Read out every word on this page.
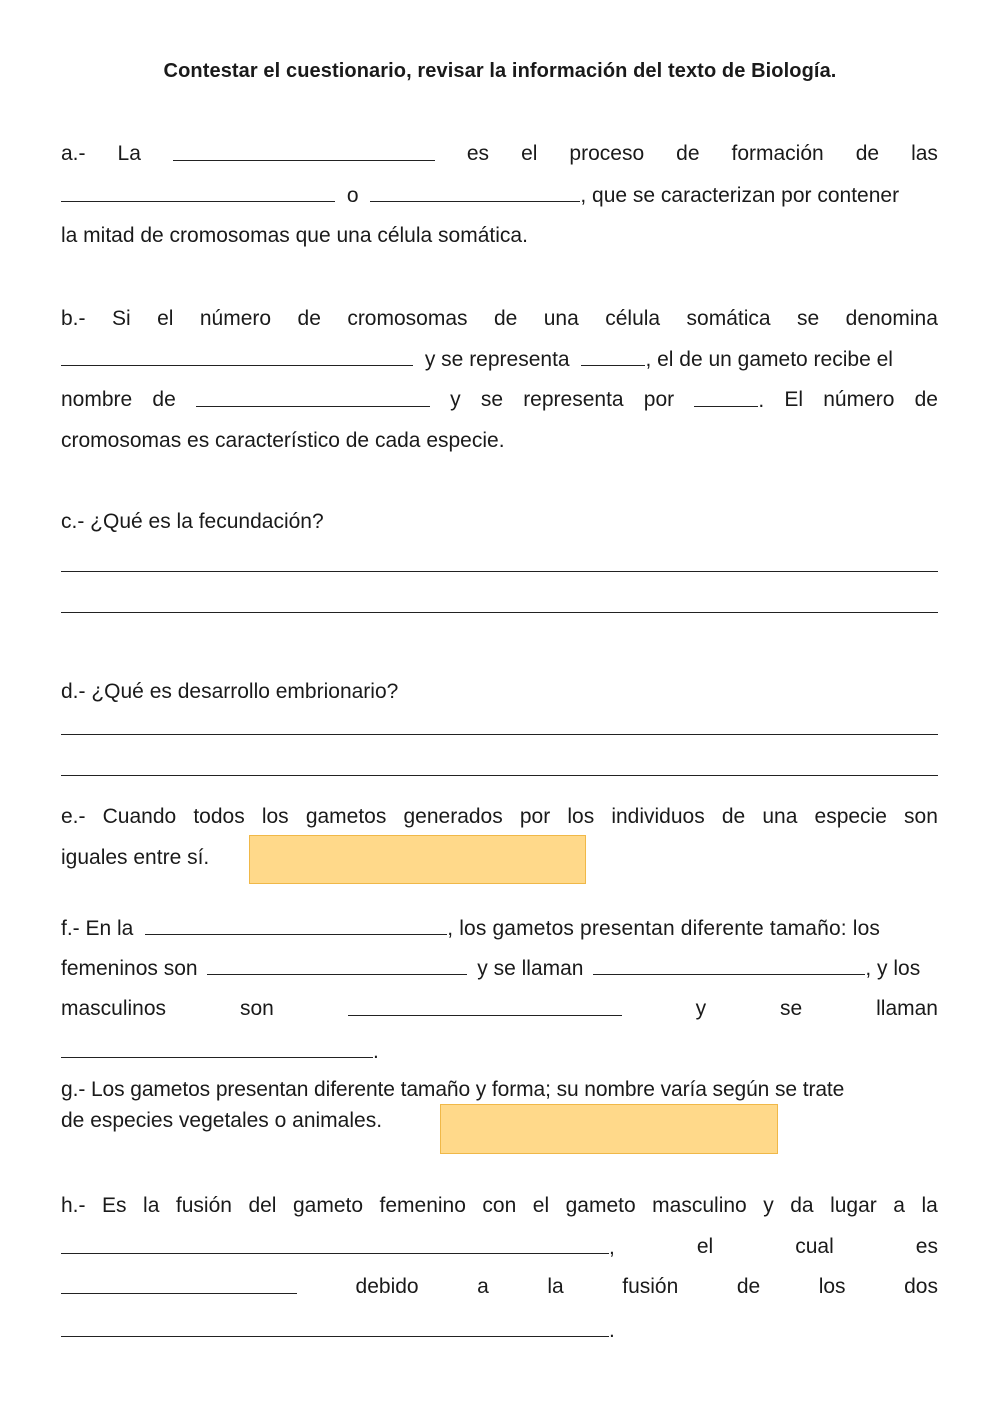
Contestar el cuestionario, revisar la información del texto de Biología.
a.- La	es el proceso de formación de las
o	, que se caracterizan por contener
la mitad de cromosomas que una célula somática.
b.- Si el número de cromosomas de una célula somática se denomina
y se representa	, el de un gameto recibe el
nombre de	y se representa por	. El número de
cromosomas es característico de cada especie.
c.- ¿Qué es la fecundación?
d.- ¿Qué es desarrollo embrionario?
e.- Cuando todos los gametos generados por los individuos de una especie son
iguales entre sí.
f.- En la	, los gametos presentan diferente tamaño: los
femeninos son	y se llaman	, y los
masculinos	son	y	se	llaman
.
g.- Los gametos presentan diferente tamaño y forma; su nombre varía según se trate
de especies vegetales o animales.
h.- Es la fusión del gameto femenino con el gameto masculino y da lugar a la
,	el	cual	es
debido	a	la	fusión	de	los	dos
.
